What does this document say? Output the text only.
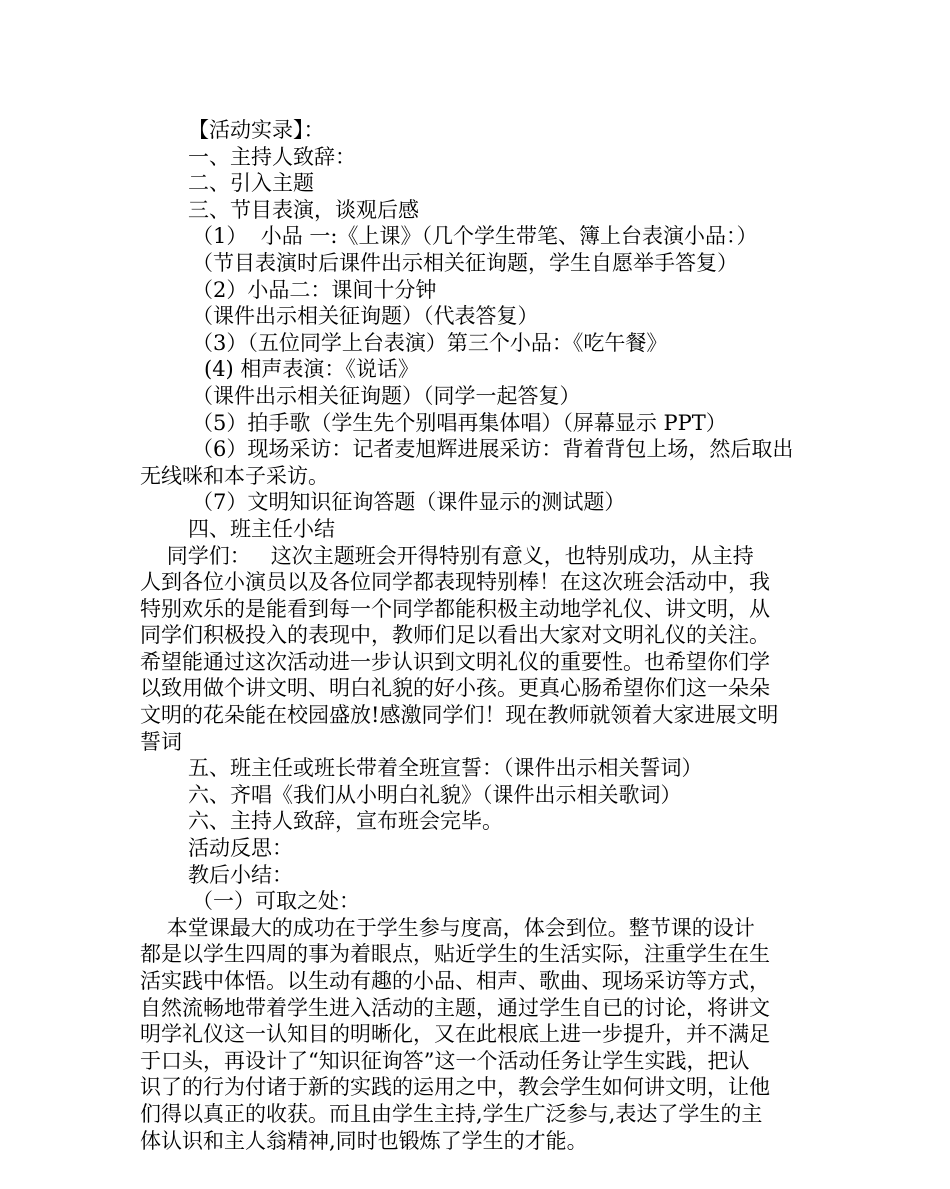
【活动实录】：
一、主持人致辞：
二、引入主题
三、节目表演，谈观后感
（1）  小品 一:《上课》（几个学生带笔、簿上台表演小品：）
（节目表演时后课件出示相关征询题，学生自愿举手答复）
（2）小品二：课间十分钟
（课件出示相关征询题）（代表答复）
（3）（五位同学上台表演）第三个小品：《吃午餐》
(4) 相声表演：《说话》
（课件出示相关征询题）（同学一起答复）
（5）拍手歌（学生先个别唱再集体唱）（屏幕显示 PPT）
（6）现场采访：记者麦旭辉进展采访：背着背包上场，然后取出
无线咪和本子采访。
（7）文明知识征询答题（课件显示的测试题）
四、班主任小结
同学们：   这次主题班会开得特别有意义，也特别成功，从主持
人到各位小演员以及各位同学都表现特别棒！在这次班会活动中，我
特别欢乐的是能看到每一个同学都能积极主动地学礼仪、讲文明，从
同学们积极投入的表现中，教师们足以看出大家对文明礼仪的关注。
希望能通过这次活动进一步认识到文明礼仪的重要性。也希望你们学
以致用做个讲文明、明白礼貌的好小孩。更真心肠希望你们这一朵朵
文明的花朵能在校园盛放!感激同学们！现在教师就领着大家进展文明
誓词
五、班主任或班长带着全班宣誓：（课件出示相关誓词）
六、齐唱《我们从小明白礼貌》（课件出示相关歌词）
六、主持人致辞，宣布班会完毕。
活动反思：
教后小结：
（一）可取之处：
本堂课最大的成功在于学生参与度高，体会到位。整节课的设计
都是以学生四周的事为着眼点，贴近学生的生活实际，注重学生在生
活实践中体悟。以生动有趣的小品、相声、歌曲、现场采访等方式，
自然流畅地带着学生进入活动的主题，通过学生自已的讨论，将讲文
明学礼仪这一认知目的明晰化，又在此根底上进一步提升，并不满足
于口头，再设计了“知识征询答”这一个活动任务让学生实践，把认
识了的行为付诸于新的实践的运用之中，教会学生如何讲文明，让他
们得以真正的收获。而且由学生主持,学生广泛参与,表达了学生的主
体认识和主人翁精神,同时也锻炼了学生的才能。
